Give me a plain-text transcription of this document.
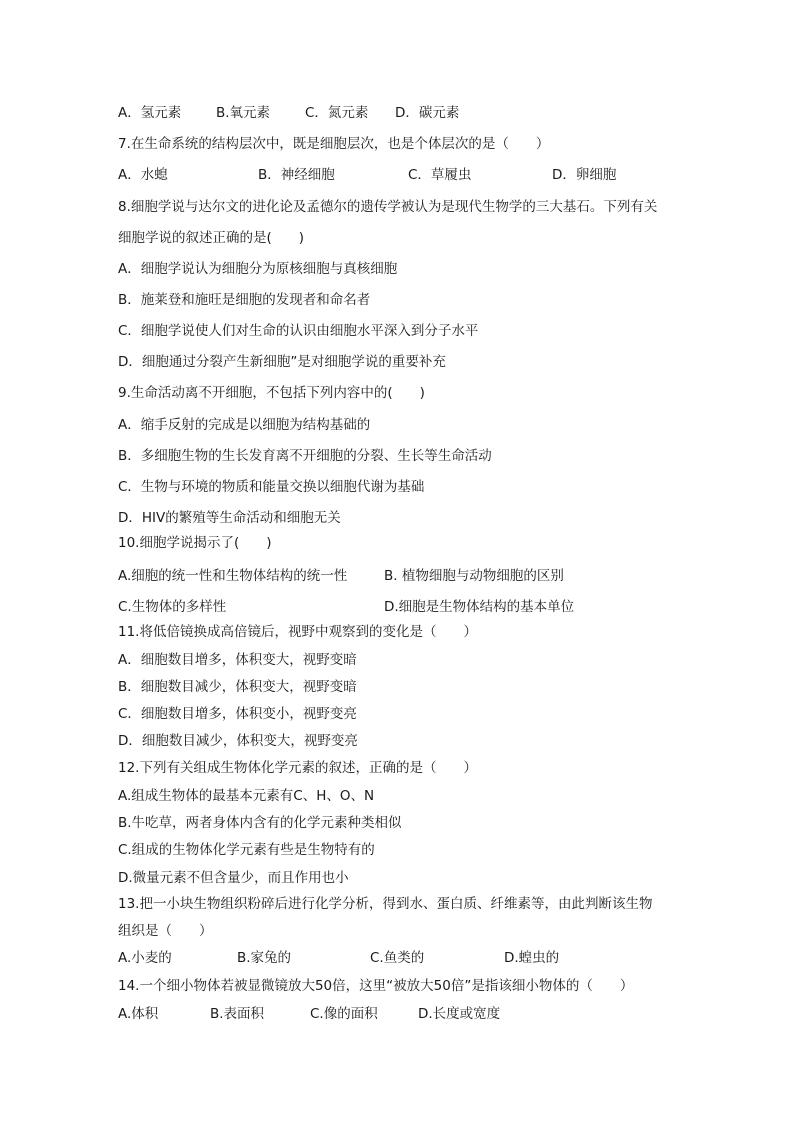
A．氢元素	B.氧元素	C．氮元素 D．碳元素
7.在生命系统的结构层次中，既是细胞层次，也是个体层次的是（　　）
A．水螅	B．神经细胞	C．草履虫	D．卵细胞
8.细胞学说与达尔文的进化论及孟德尔的遗传学被认为是现代生物学的三大基石。下列有关
细胞学说的叙述正确的是(　　)
A．细胞学说认为细胞分为原核细胞与真核细胞
B．施莱登和施旺是细胞的发现者和命名者
C．细胞学说使人们对生命的认识由细胞水平深入到分子水平
D．细胞通过分裂产生新细胞”是对细胞学说的重要补充
9.生命活动离不开细胞，不包括下列内容中的(　　)
A．缩手反射的完成是以细胞为结构基础的
B．多细胞生物的生长发育离不开细胞的分裂、生长等生命活动
C．生物与环境的物质和能量交换以细胞代谢为基础
D．HIV的繁殖等生命活动和细胞无关
10.细胞学说揭示了(　　)
A.细胞的统一性和生物体结构的统一性	B. 植物细胞与动物细胞的区别
C.生物体的多样性	D.细胞是生物体结构的基本单位
11.将低倍镜换成高倍镜后，视野中观察到的变化是（　　）
A．细胞数目增多，体积变大，视野变暗
B．细胞数目减少，体积变大，视野变暗
C．细胞数目增多，体积变小，视野变亮
D．细胞数目减少，体积变大，视野变亮
12.下列有关组成生物体化学元素的叙述，正确的是（　　）
A.组成生物体的最基本元素有C、H、O、N
B.牛吃草，两者身体内含有的化学元素种类相似
C.组成的生物体化学元素有些是生物特有的
D.微量元素不但含量少，而且作用也小
13.把一小块生物组织粉碎后进行化学分析，得到水、蛋白质、纤维素等，由此判断该生物
组织是（　　）
A.小麦的	B.家兔的	C.鱼类的	D.蝗虫的
14.一个细小物体若被显微镜放大50倍，这里“被放大50倍”是指该细小物体的（　　）
A.体积	B.表面积	C.像的面积	D.长度或宽度
